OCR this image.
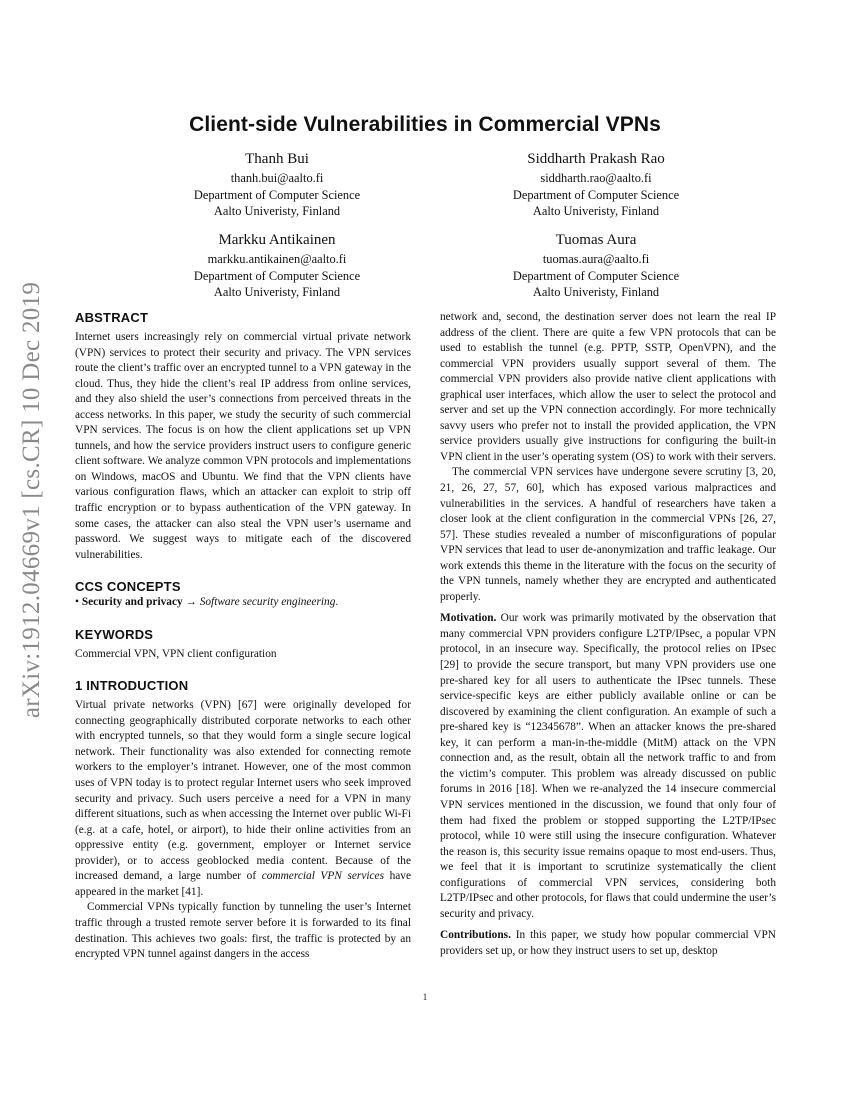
arXiv:1912.04669v1 [cs.CR] 10 Dec 2019
Client-side Vulnerabilities in Commercial VPNs
Thanh Bui
thanh.bui@aalto.fi
Department of Computer Science
Aalto Univeristy, Finland
Siddharth Prakash Rao
siddharth.rao@aalto.fi
Department of Computer Science
Aalto Univeristy, Finland
Markku Antikainen
markku.antikainen@aalto.fi
Department of Computer Science
Aalto Univeristy, Finland
Tuomas Aura
tuomas.aura@aalto.fi
Department of Computer Science
Aalto Univeristy, Finland
ABSTRACT

Internet users increasingly rely on commercial virtual private network (VPN) services to protect their security and privacy. The VPN services route the client’s traffic over an encrypted tunnel to a VPN gateway in the cloud. Thus, they hide the client’s real IP address from online services, and they also shield the user’s connections from perceived threats in the access networks. In this paper, we study the security of such commercial VPN services. The focus is on how the client applications set up VPN tunnels, and how the service providers instruct users to configure generic client software. We analyze common VPN protocols and implementations on Windows, macOS and Ubuntu. We find that the VPN clients have various configuration flaws, which an attacker can exploit to strip off traffic encryption or to bypass authentication of the VPN gateway. In some cases, the attacker can also steal the VPN user’s username and password. We suggest ways to mitigate each of the discovered vulnerabilities.

CCS CONCEPTS

• Security and privacy → Software security engineering.

KEYWORDS

Commercial VPN, VPN client configuration

1 INTRODUCTION

Virtual private networks (VPN) [67] were originally developed for connecting geographically distributed corporate networks to each other with encrypted tunnels, so that they would form a single secure logical network. Their functionality was also extended for connecting remote workers to the employer’s intranet. However, one of the most common uses of VPN today is to protect regular Internet users who seek improved security and privacy. Such users perceive a need for a VPN in many different situations, such as when accessing the Internet over public Wi-Fi (e.g. at a cafe, hotel, or airport), to hide their online activities from an oppressive entity (e.g. government, employer or Internet service provider), or to access geoblocked media content. Because of the increased demand, a large number of commercial VPN services have appeared in the market [41].

Commercial VPNs typically function by tunneling the user’s Internet traffic through a trusted remote server before it is forwarded to its final destination. This achieves two goals: first, the traffic is protected by an encrypted VPN tunnel against dangers in the access

network and, second, the destination server does not learn the real IP address of the client. There are quite a few VPN protocols that can be used to establish the tunnel (e.g. PPTP, SSTP, OpenVPN), and the commercial VPN providers usually support several of them. The commercial VPN providers also provide native client applications with graphical user interfaces, which allow the user to select the protocol and server and set up the VPN connection accordingly. For more technically savvy users who prefer not to install the provided application, the VPN service providers usually give instructions for configuring the built-in VPN client in the user’s operating system (OS) to work with their servers.

The commercial VPN services have undergone severe scrutiny [3, 20, 21, 26, 27, 57, 60], which has exposed various malpractices and vulnerabilities in the services. A handful of researchers have taken a closer look at the client configuration in the commercial VPNs [26, 27, 57]. These studies revealed a number of misconfigurations of popular VPN services that lead to user de-anonymization and traffic leakage. Our work extends this theme in the literature with the focus on the security of the VPN tunnels, namely whether they are encrypted and authenticated properly.

Motivation. Our work was primarily motivated by the observation that many commercial VPN providers configure L2TP/IPsec, a popular VPN protocol, in an insecure way. Specifically, the protocol relies on IPsec [29] to provide the secure transport, but many VPN providers use one pre-shared key for all users to authenticate the IPsec tunnels. These service-specific keys are either publicly available online or can be discovered by examining the client configuration. An example of such a pre-shared key is “12345678”. When an attacker knows the pre-shared key, it can perform a man-in-the-middle (MitM) attack on the VPN connection and, as the result, obtain all the network traffic to and from the victim’s computer. This problem was already discussed on public forums in 2016 [18]. When we re-analyzed the 14 insecure commercial VPN services mentioned in the discussion, we found that only four of them had fixed the problem or stopped supporting the L2TP/IPsec protocol, while 10 were still using the insecure configuration. Whatever the reason is, this security issue remains opaque to most end-users. Thus, we feel that it is important to scrutinize systematically the client configurations of commercial VPN services, considering both L2TP/IPsec and other protocols, for flaws that could undermine the user’s security and privacy.

Contributions. In this paper, we study how popular commercial VPN providers set up, or how they instruct users to set up, desktop

1
